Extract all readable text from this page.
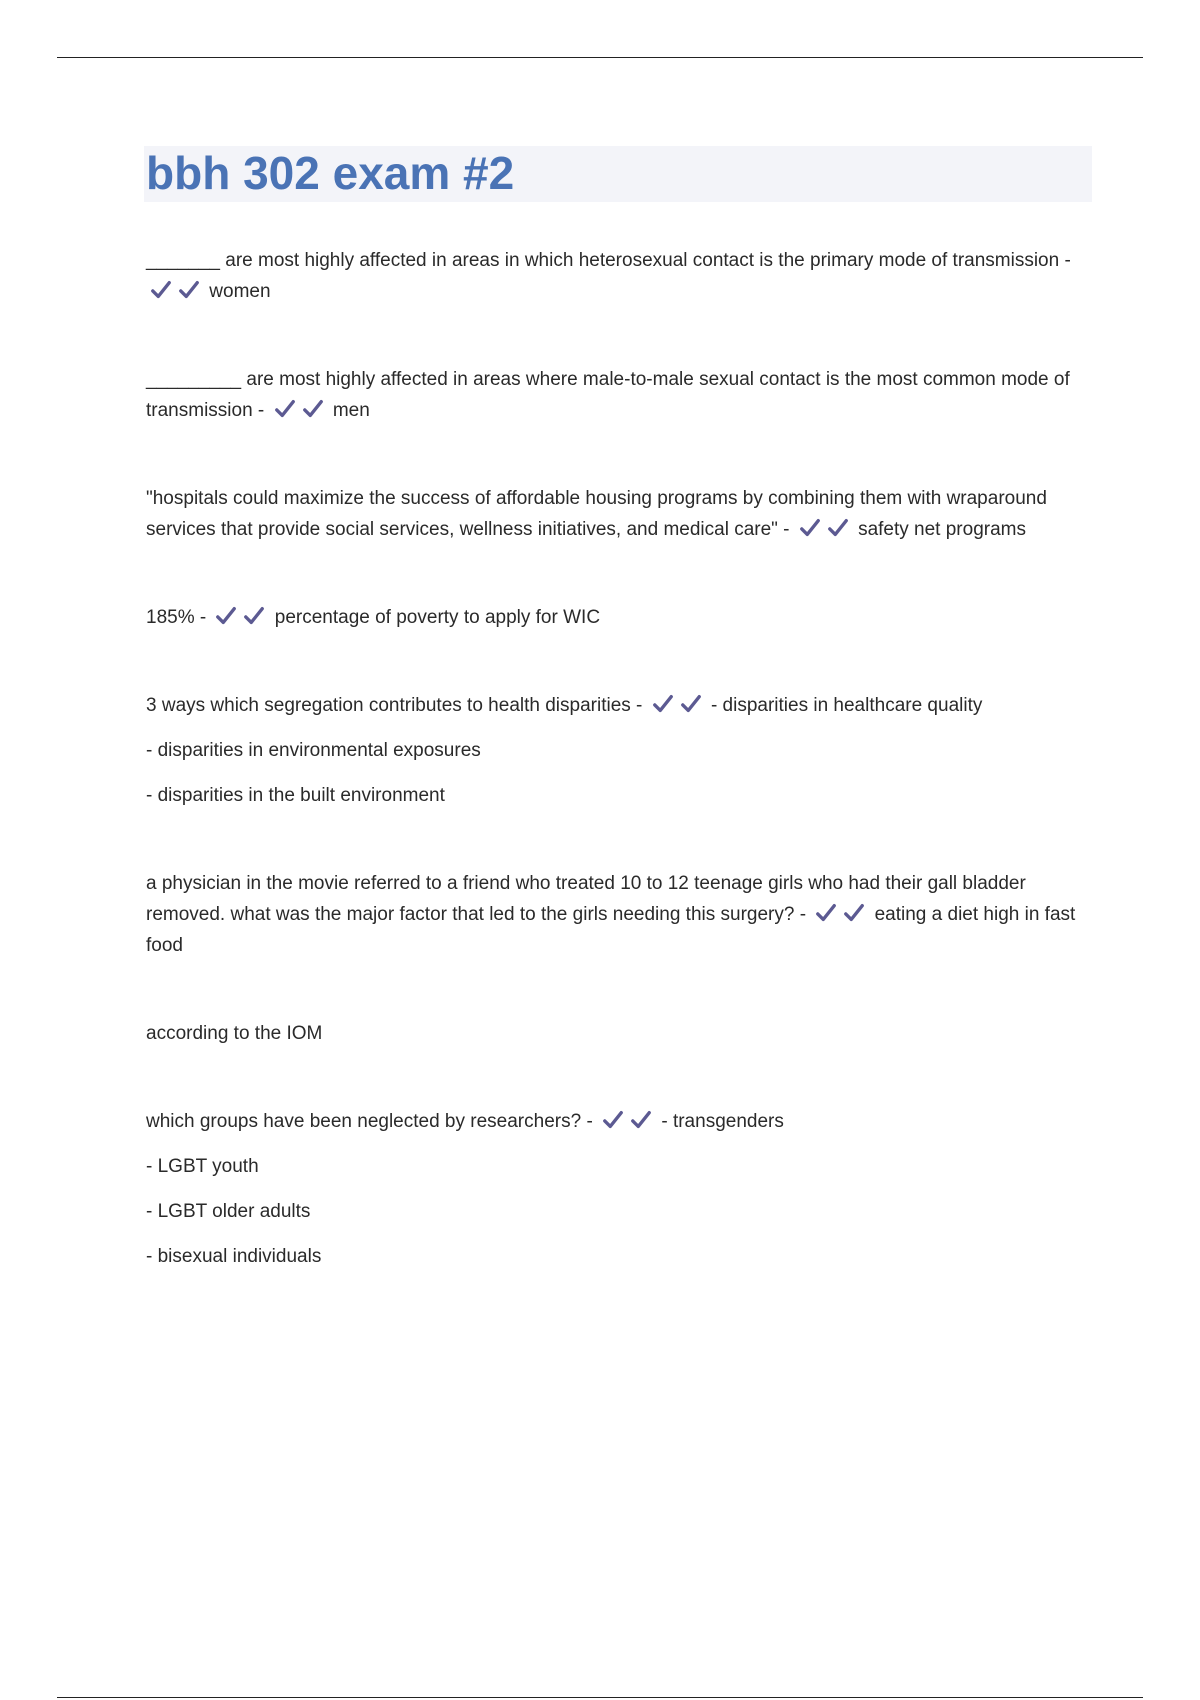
bbh 302 exam #2
_______ are most highly affected in areas in which heterosexual contact is the primary mode of transmission -
women
_________ are most highly affected in areas where male-to-male sexual contact is the most common mode of transmission -	men
"hospitals could maximize the success of affordable housing programs by combining them with wraparound services that provide social services, wellness initiatives, and medical care" -	safety net programs
185% -	percentage of poverty to apply for WIC
3 ways which segregation contributes to health disparities -	- disparities in healthcare quality
- disparities in environmental exposures
- disparities in the built environment
a physician in the movie referred to a friend who treated 10 to 12 teenage girls who had their gall bladder removed. what was the major factor that led to the girls needing this surgery? -	eating a diet high in fast food
according to the IOM
which groups have been neglected by researchers? -	- transgenders
- LGBT youth
- LGBT older adults
- bisexual individuals
